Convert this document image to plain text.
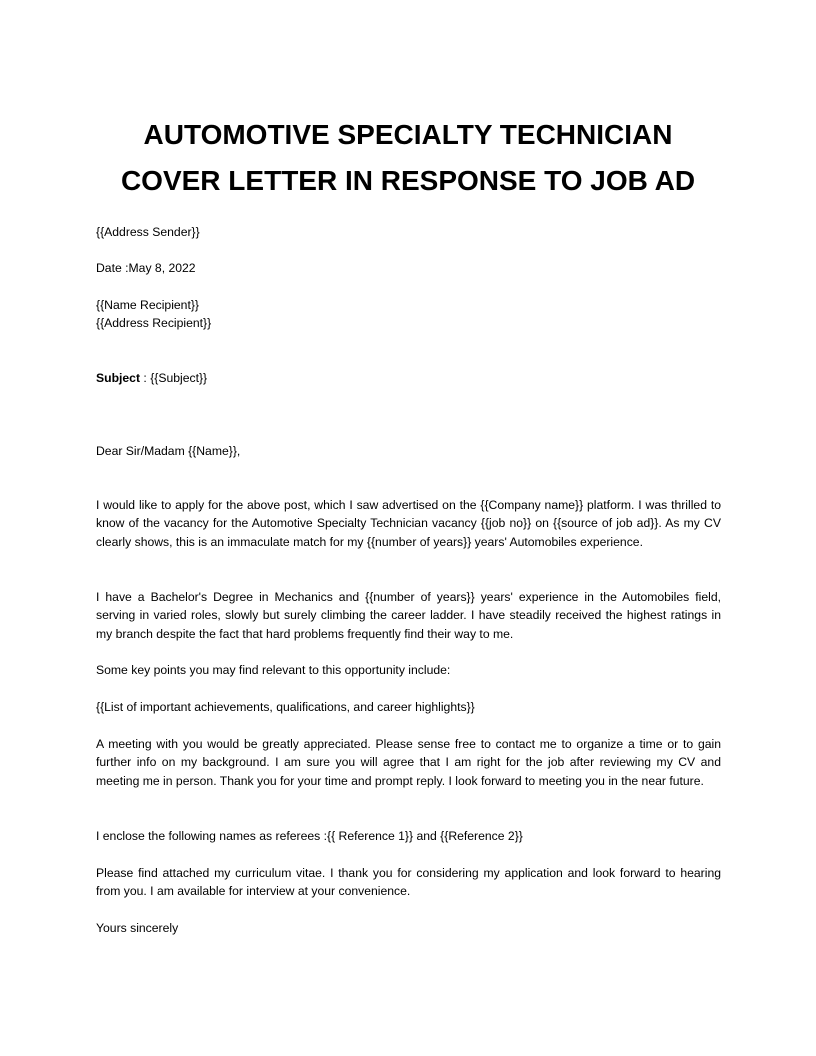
AUTOMOTIVE SPECIALTY TECHNICIAN
COVER LETTER IN RESPONSE TO JOB AD

{{Address Sender}}

Date :May 8, 2022

{{Name Recipient}}

{{Address Recipient}}

Subject : {{Subject}}

Dear Sir/Madam {{Name}},

I would like to apply for the above post, which I saw advertised on the {{Company name}} platform. I was thrilled to know of the vacancy for the Automotive Specialty Technician vacancy {{job no}} on {{source of job ad}}. As my CV clearly shows, this is an immaculate match for my {{number of years}} years' Automobiles experience.

I have a Bachelor's Degree in Mechanics and {{number of years}} years' experience in the Automobiles field, serving in varied roles, slowly but surely climbing the career ladder. I have steadily received the highest ratings in my branch despite the fact that hard problems frequently find their way to me.

Some key points you may find relevant to this opportunity include:

{{List of important achievements, qualifications, and career highlights}}

A meeting with you would be greatly appreciated. Please sense free to contact me to organize a time or to gain further info on my background. I am sure you will agree that I am right for the job after reviewing my CV and meeting me in person. Thank you for your time and prompt reply. I look forward to meeting you in the near future.

I enclose the following names as referees :{{ Reference 1}} and {{Reference 2}}

Please find attached my curriculum vitae. I thank you for considering my application and look forward to hearing from you. I am available for interview at your convenience.

Yours sincerely
